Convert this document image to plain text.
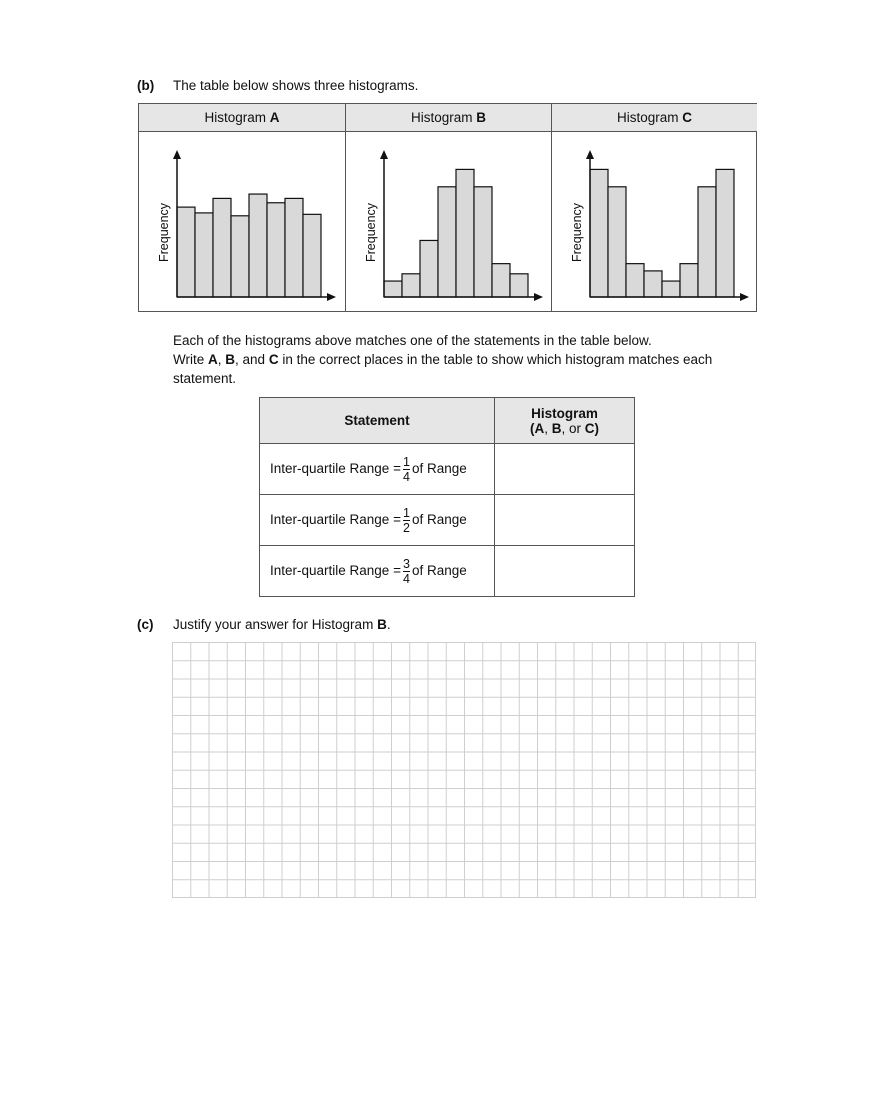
(b) The table below shows three histograms.
Histogram A
Frequency
Histogram B
Frequency
Histogram C
Frequency
Each of the histograms above matches one of the statements in the table below.
Write A, B, and C in the correct places in the table to show which histogram matches each
statement.
Statement	Histogram
(A, B, or C)

Inter-quartile Range = $\frac{1}{4}$ of Range	
Inter-quartile Range = $\frac{1}{2}$ of Range	
Inter-quartile Range = $\frac{3}{4}$ of Range	
(c) Justify your answer for Histogram B.
